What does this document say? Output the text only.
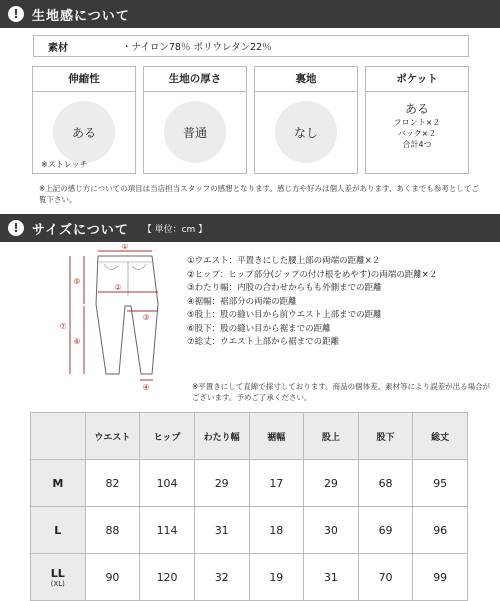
!	生地感について
素材	・ナイロン78％ ポリウレタン22％
伸縮性
ある
※ストレッチ
生地の厚さ
普通
裏地
なし
ポケット
ある
フロント×２
バック×２
合計4つ
※上記の感じ方についての項目は当店担当スタッフの感想となります。感じ方や好みは個人差があります、あくまでも参考としてご覧下さい。
!	サイズについて 【 単位：cm 】
①
②
③
④
⑤
⑥
⑦
①ウエスト：平置きにした腰上部の両端の距離×２
②ヒップ：ヒップ部分(ジップの付け根をめやす)の両端の距離×２
③わたり幅：内股の合わせからもも外側までの距離
④裾幅：裾部分の両端の距離
⑤股上：股の縫い目から前ウエスト上部までの距離
⑥股下：股の縫い目から裾までの距離
⑦総丈：ウエスト上部から裾までの距離
※平置きにして直線で採寸しております。商品の個体差、素材等により誤差が出る場合がございます。予めご了承ください。
	ウエスト	ヒップ	わたり幅	裾幅	股上	股下	総丈
M	82	104	29	17	29	68	95
L	88	114	31	18	30	69	96
LL
(XL)	90	120	32	19	31	70	99
